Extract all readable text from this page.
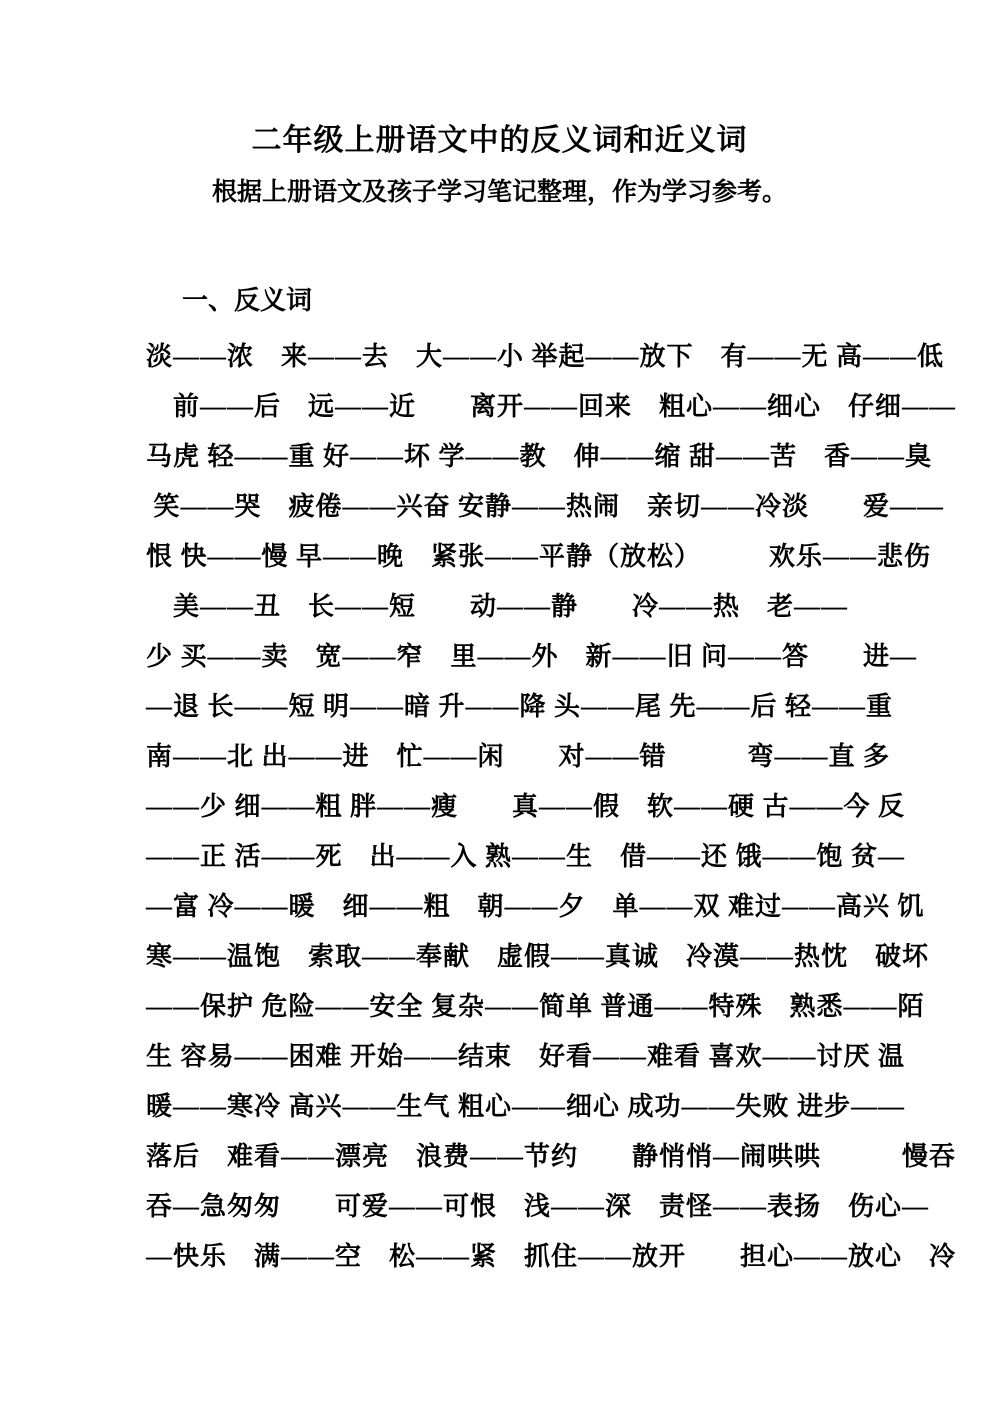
二年级上册语文中的反义词和近义词

根据上册语文及孩子学习笔记整理，作为学习参考。

一、反义词
淡——浓　来——去　大——小 举起——放下　有——无 高——低
　前——后　远——近　　离开——回来　粗心——细心　仔细——
马虎 轻——重 好——坏 学——教　伸——缩 甜——苦　香——臭
笑——哭　疲倦——兴奋 安静——热闹　亲切——冷淡　　爱——
恨 快——慢 早——晚　紧张——平静（放松）　　　欢乐——悲伤
　美——丑　长——短　　动——静　　冷——热　老——
少 买——卖　宽——窄　里——外　新——旧 问——答　　进—
—退 长——短 明——暗 升——降 头——尾 先——后 轻——重
南——北 出——进　忙——闲　　对——错　　　弯——直 多
——少 细——粗 胖——瘦　　真——假　软——硬 古——今 反
——正 活——死　出——入 熟——生　借——还 饿——饱 贫—
—富 冷——暖　细——粗　朝——夕　单——双 难过——高兴 饥
寒——温饱　索取——奉献　虚假——真诚　冷漠——热忱　破坏
——保护 危险——安全 复杂——简单 普通——特殊　熟悉——陌
生 容易——困难 开始——结束　好看——难看 喜欢——讨厌 温
暖——寒冷 高兴——生气 粗心——细心 成功——失败 进步——
落后　难看——漂亮　浪费——节约　　静悄悄—闹哄哄　　　慢吞
吞—急匆匆　　可爱——可恨　浅——深　责怪——表扬　伤心—
—快乐　满——空　松——紧　抓住——放开　　担心——放心　冷
